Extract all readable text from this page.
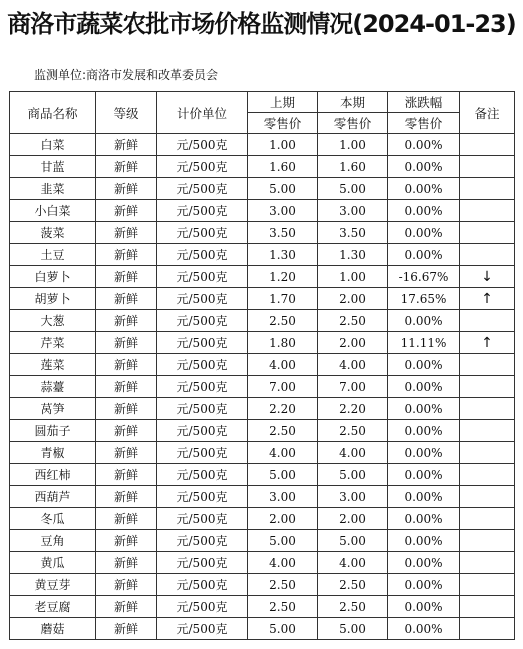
商洛市蔬菜农批市场价格监测情况(2024-01-23)
监测单位:商洛市发展和改革委员会
商品名称	等级	计价单位	上期	本期	涨跌幅	备注
			零售价	零售价	零售价	
白菜	新鲜	元/500克	1.00	1.00	0.00%	
甘蓝	新鲜	元/500克	1.60	1.60	0.00%	
韭菜	新鲜	元/500克	5.00	5.00	0.00%	
小白菜	新鲜	元/500克	3.00	3.00	0.00%	
菠菜	新鲜	元/500克	3.50	3.50	0.00%	
土豆	新鲜	元/500克	1.30	1.30	0.00%	
白萝卜	新鲜	元/500克	1.20	1.00	-16.67%	↓
胡萝卜	新鲜	元/500克	1.70	2.00	17.65%	↑
大葱	新鲜	元/500克	2.50	2.50	0.00%	
芹菜	新鲜	元/500克	1.80	2.00	11.11%	↑
莲菜	新鲜	元/500克	4.00	4.00	0.00%	
蒜薹	新鲜	元/500克	7.00	7.00	0.00%	
莴笋	新鲜	元/500克	2.20	2.20	0.00%	
圆茄子	新鲜	元/500克	2.50	2.50	0.00%	
青椒	新鲜	元/500克	4.00	4.00	0.00%	
西红柿	新鲜	元/500克	5.00	5.00	0.00%	
西葫芦	新鲜	元/500克	3.00	3.00	0.00%	
冬瓜	新鲜	元/500克	2.00	2.00	0.00%	
豆角	新鲜	元/500克	5.00	5.00	0.00%	
黄瓜	新鲜	元/500克	4.00	4.00	0.00%	
黄豆芽	新鲜	元/500克	2.50	2.50	0.00%	
老豆腐	新鲜	元/500克	2.50	2.50	0.00%	
蘑菇	新鲜	元/500克	5.00	5.00	0.00%	
